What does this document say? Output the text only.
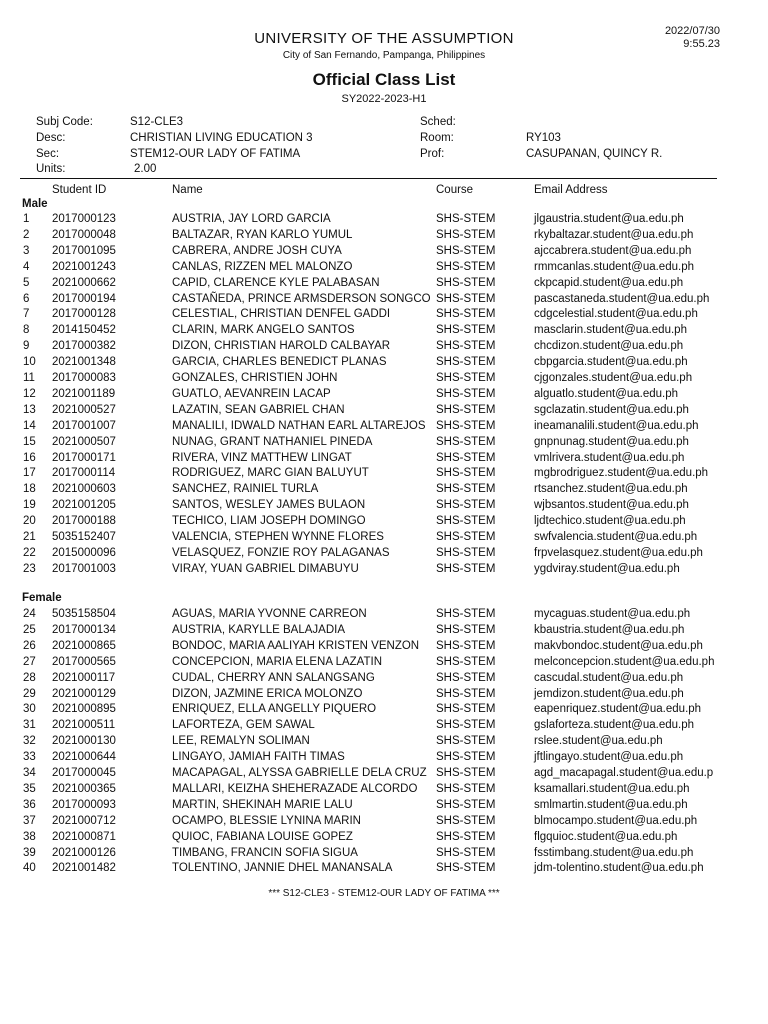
UNIVERSITY OF THE ASSUMPTION
City of San Fernando, Pampanga, Philippines
2022/07/30
9:55.23
Official Class List
SY2022-2023-H1
Subj Code:	S12-CLE3
Desc:	CHRISTIAN LIVING EDUCATION 3
Sec:	STEM12-OUR LADY OF FATIMA
Units:	2.00
Sched:
Room:	RY103
Prof:	CASUPANAN, QUINCY R.
Student ID	Name	Course	Email Address
Male
Female
1 2017000123	AUSTRIA, JAY LORD GARCIA	SHS-STEM	jlgaustria.student@ua.edu.ph
2 2017000048	BALTAZAR, RYAN KARLO YUMUL	SHS-STEM	rkybaltazar.student@ua.edu.ph
3 2017001095	CABRERA, ANDRE JOSH CUYA	SHS-STEM	ajccabrera.student@ua.edu.ph
4 2021001243	CANLAS, RIZZEN MEL MALONZO	SHS-STEM	rmmcanlas.student@ua.edu.ph
5 2021000662	CAPID, CLARENCE KYLE PALABASAN	SHS-STEM	ckpcapid.student@ua.edu.ph
6 2017000194	CASTAÑEDA, PRINCE ARMSDERSON SONGCO SHS-STEM	pascastaneda.student@ua.edu.ph
7 2017000128	CELESTIAL, CHRISTIAN DENFEL GADDI	SHS-STEM	cdgcelestial.student@ua.edu.ph
8 2014150452	CLARIN, MARK ANGELO SANTOS	SHS-STEM	masclarin.student@ua.edu.ph
9 2017000382	DIZON, CHRISTIAN HAROLD CALBAYAR	SHS-STEM	chcdizon.student@ua.edu.ph
10 2021001348	GARCIA, CHARLES BENEDICT PLANAS	SHS-STEM	cbpgarcia.student@ua.edu.ph
11 2017000083	GONZALES, CHRISTIEN JOHN	SHS-STEM	cjgonzales.student@ua.edu.ph
12 2021001189	GUATLO, AEVANREIN LACAP	SHS-STEM	alguatlo.student@ua.edu.ph
13 2021000527	LAZATIN, SEAN GABRIEL CHAN	SHS-STEM	sgclazatin.student@ua.edu.ph
14 2017001007	MANALILI, IDWALD NATHAN EARL ALTAREJOS SHS-STEM	ineamanalili.student@ua.edu.ph
15 2021000507	NUNAG, GRANT NATHANIEL PINEDA	SHS-STEM	gnpnunag.student@ua.edu.ph
16 2017000171	RIVERA, VINZ MATTHEW LINGAT	SHS-STEM	vmlrivera.student@ua.edu.ph
17 2017000114	RODRIGUEZ, MARC GIAN BALUYUT	SHS-STEM	mgbrodriguez.student@ua.edu.ph
18 2021000603	SANCHEZ, RAINIEL TURLA	SHS-STEM	rtsanchez.student@ua.edu.ph
19 2021001205	SANTOS, WESLEY JAMES BULAON	SHS-STEM	wjbsantos.student@ua.edu.ph
20 2017000188	TECHICO, LIAM JOSEPH DOMINGO	SHS-STEM	ljdtechico.student@ua.edu.ph
21 5035152407	VALENCIA, STEPHEN WYNNE FLORES	SHS-STEM	swfvalencia.student@ua.edu.ph
22 2015000096	VELASQUEZ, FONZIE ROY PALAGANAS	SHS-STEM	frpvelasquez.student@ua.edu.ph
23 2017001003	VIRAY, YUAN GABRIEL DIMABUYU	SHS-STEM	ygdviray.student@ua.edu.ph
24 5035158504	AGUAS, MARIA YVONNE CARREON	SHS-STEM	mycaguas.student@ua.edu.ph
25 2017000134	AUSTRIA, KARYLLE BALAJADIA	SHS-STEM	kbaustria.student@ua.edu.ph
26 2021000865	BONDOC, MARIA AALIYAH KRISTEN VENZON SHS-STEM	makvbondoc.student@ua.edu.ph
27 2017000565	CONCEPCION, MARIA ELENA LAZATIN	SHS-STEM	melconcepcion.student@ua.edu.ph
28 2021000117	CUDAL, CHERRY ANN SALANGSANG	SHS-STEM	cascudal.student@ua.edu.ph
29 2021000129	DIZON, JAZMINE ERICA MOLONZO	SHS-STEM	jemdizon.student@ua.edu.ph
30 2021000895	ENRIQUEZ, ELLA ANGELLY PIQUERO	SHS-STEM	eapenriquez.student@ua.edu.ph
31 2021000511	LAFORTEZA, GEM SAWAL	SHS-STEM	gslaforteza.student@ua.edu.ph
32 2021000130	LEE, REMALYN SOLIMAN	SHS-STEM	rslee.student@ua.edu.ph
33 2021000644	LINGAYO, JAMIAH FAITH TIMAS	SHS-STEM	jftlingayo.student@ua.edu.ph
34 2017000045	MACAPAGAL, ALYSSA GABRIELLE DELA CRUZ SHS-STEM	agd_macapagal.student@ua.edu.p
35 2021000365	MALLARI, KEIZHA SHEHERAZADE ALCORDO SHS-STEM	ksamallari.student@ua.edu.ph
36 2017000093	MARTIN, SHEKINAH MARIE LALU	SHS-STEM	smlmartin.student@ua.edu.ph
37 2021000712	OCAMPO, BLESSIE LYNINA MARIN	SHS-STEM	blmocampo.student@ua.edu.ph
38 2021000871	QUIOC, FABIANA LOUISE GOPEZ	SHS-STEM	flgquioc.student@ua.edu.ph
39 2021000126	TIMBANG, FRANCIN SOFIA SIGUA	SHS-STEM	fsstimbang.student@ua.edu.ph
40 2021001482	TOLENTINO, JANNIE DHEL MANANSALA	SHS-STEM	jdm-tolentino.student@ua.edu.ph
*** S12-CLE3 - STEM12-OUR LADY OF FATIMA ***
